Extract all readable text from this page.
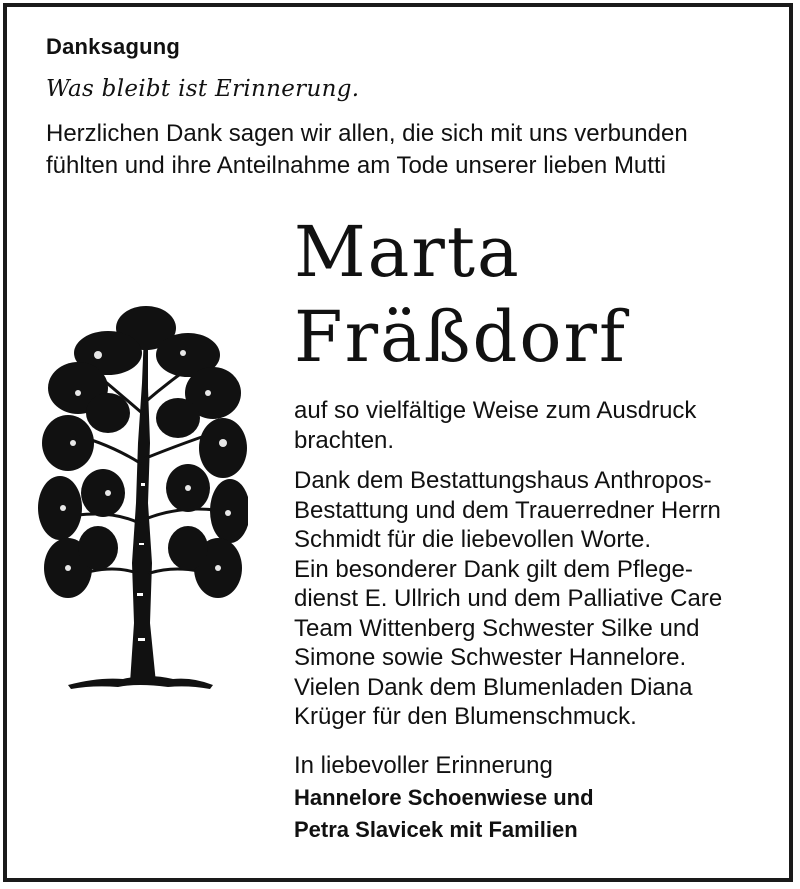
Danksagung
Was bleibt ist Erinnerung.
Herzlichen Dank sagen wir allen, die sich mit uns verbunden
fühlten und ihre Anteilnahme am Tode unserer lieben Mutti
Marta
Fräßdorf
auf so vielfältige Weise zum Ausdruck
brachten.
Dank dem Bestattungshaus Anthropos-
Bestattung und dem Trauerredner Herrn
Schmidt für die liebevollen Worte.
Ein besonderer Dank gilt dem Pflege-
dienst E. Ullrich und dem Palliative Care
Team Wittenberg Schwester Silke und
Simone sowie Schwester Hannelore.
Vielen Dank dem Blumenladen Diana
Krüger für den Blumenschmuck.
In liebevoller Erinnerung
Hannelore Schoenwiese und
Petra Slavicek mit Familien
